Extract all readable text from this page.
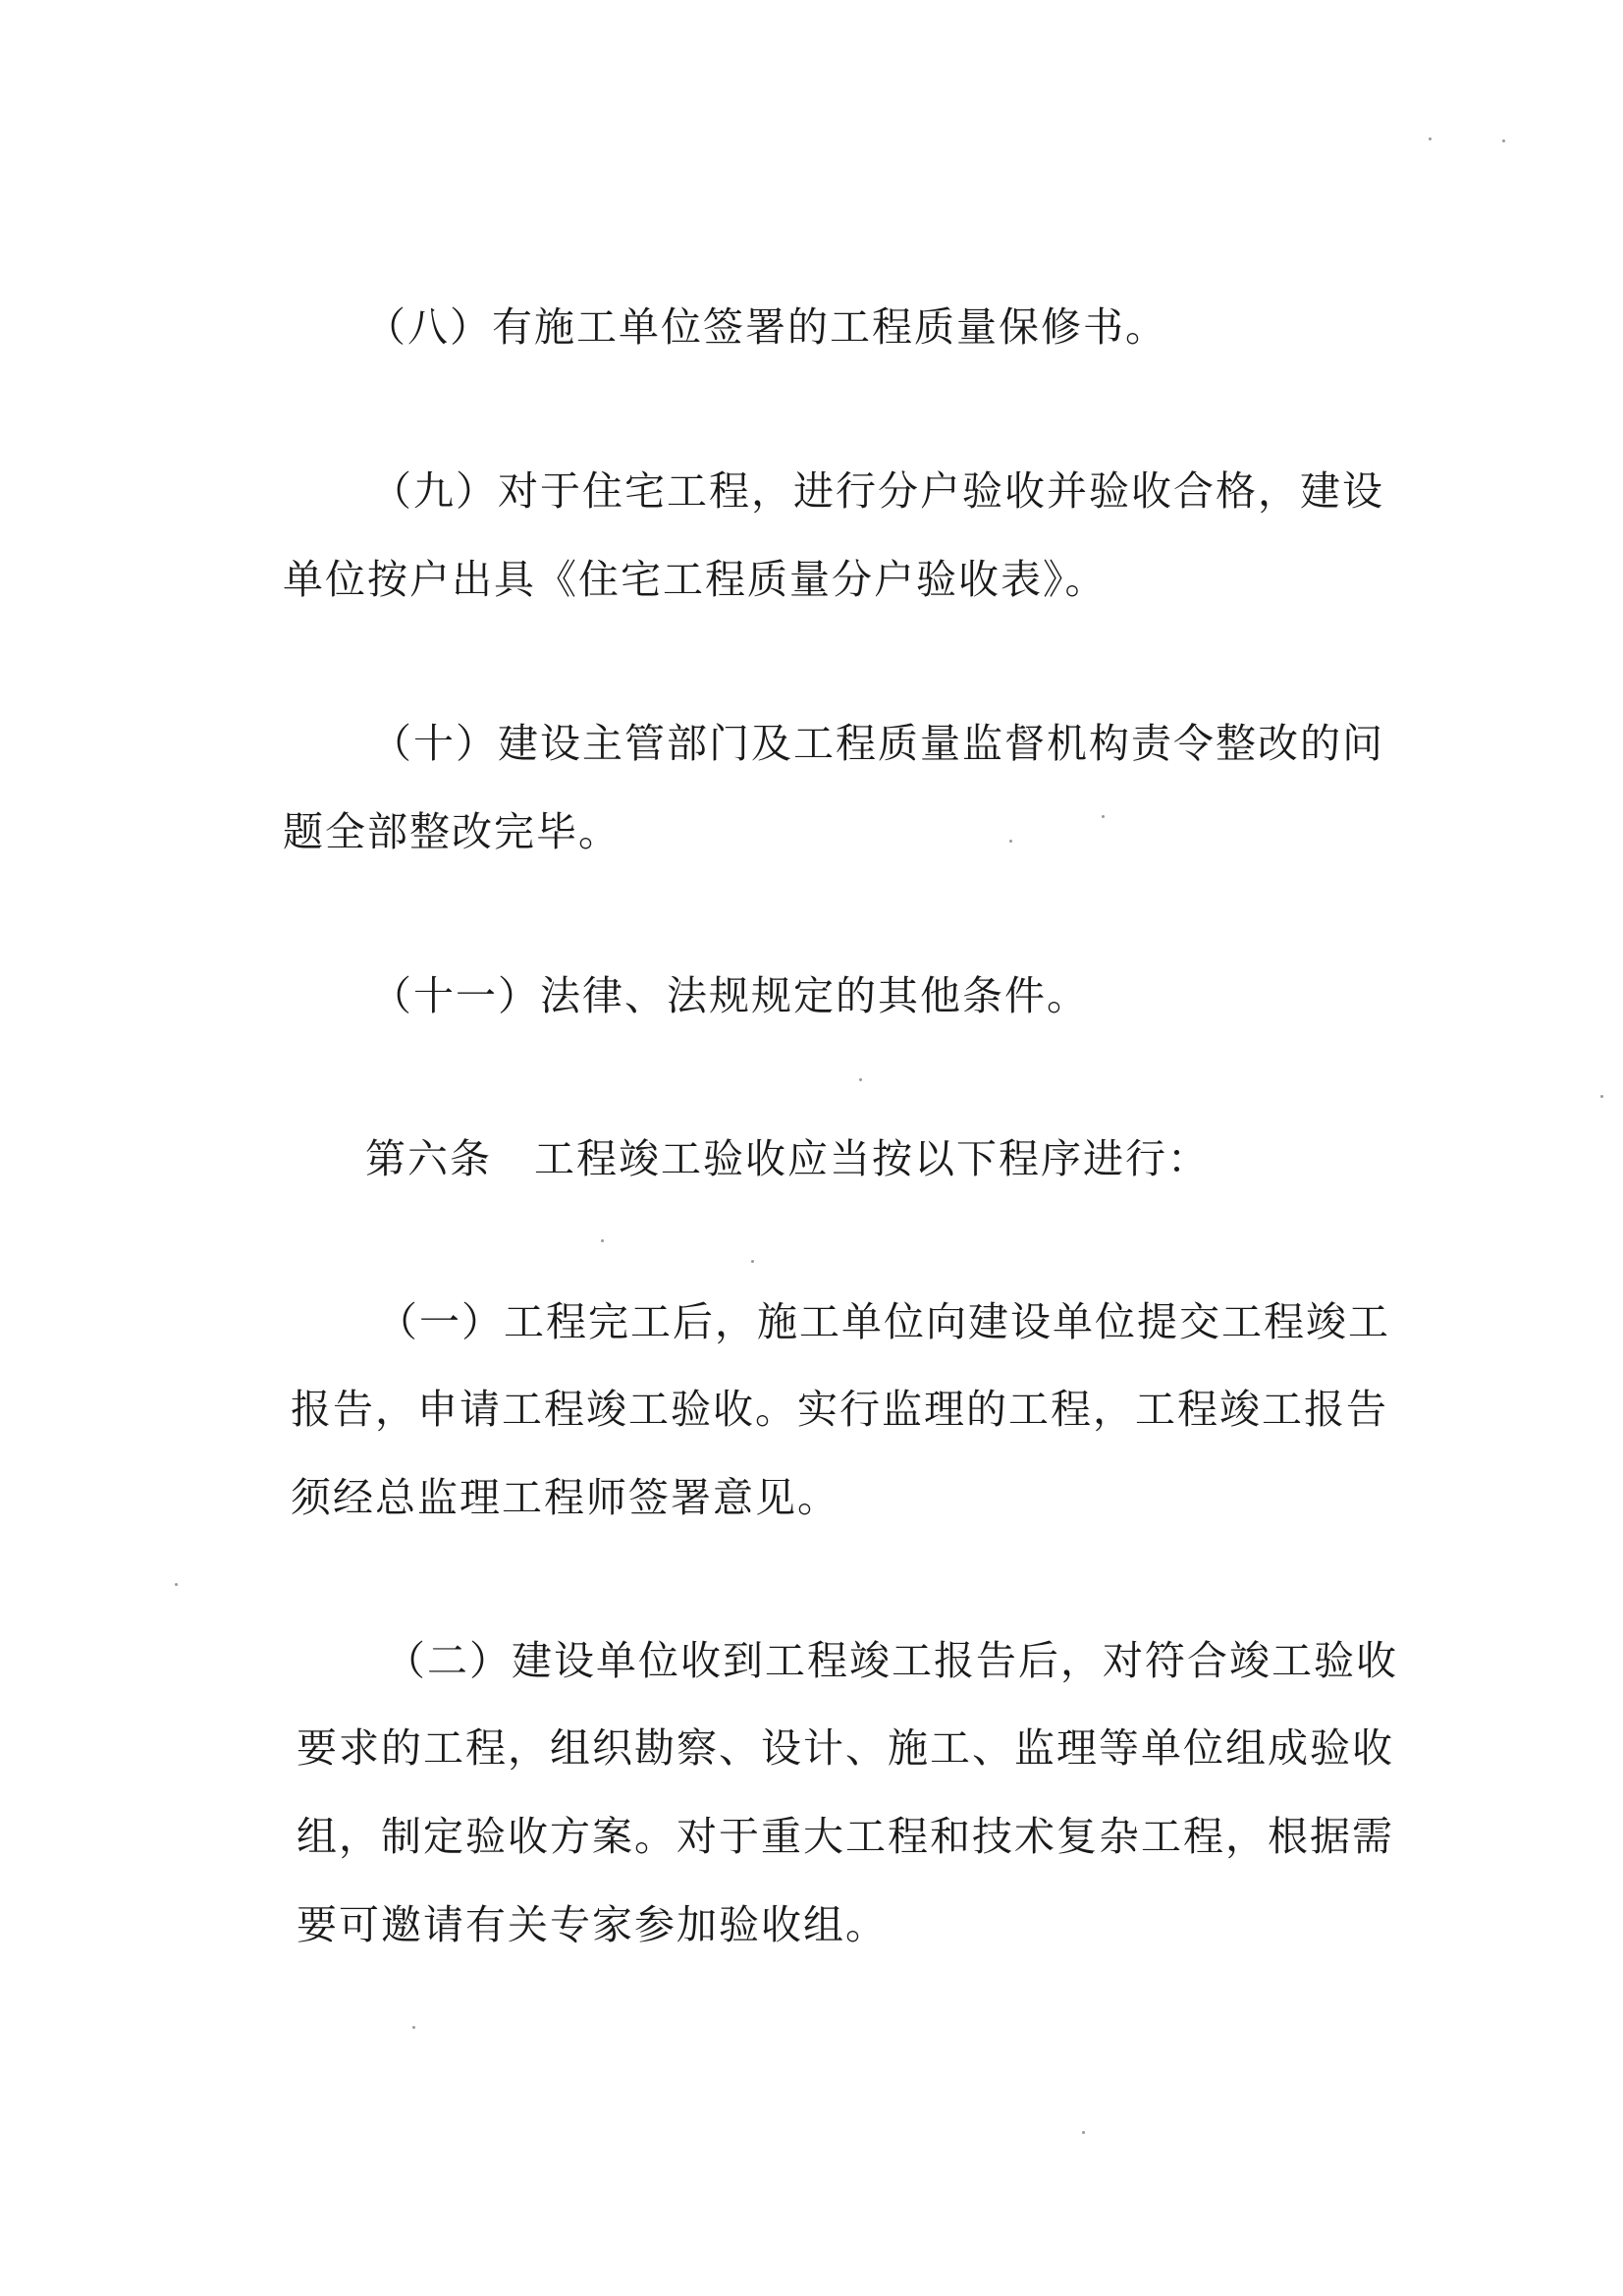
（八）有施工单位签署的工程质量保修书。

（九）对于住宅工程，进行分户验收并验收合格，建设

单位按户出具《住宅工程质量分户验收表》。

（十）建设主管部门及工程质量监督机构责令整改的问

题全部整改完毕。

（十一）法律、法规规定的其他条件。

第六条　工程竣工验收应当按以下程序进行：

（一）工程完工后，施工单位向建设单位提交工程竣工

报告，申请工程竣工验收。实行监理的工程，工程竣工报告

须经总监理工程师签署意见。

（二）建设单位收到工程竣工报告后，对符合竣工验收

要求的工程，组织勘察、设计、施工、监理等单位组成验收

组，制定验收方案。对于重大工程和技术复杂工程，根据需

要可邀请有关专家参加验收组。
